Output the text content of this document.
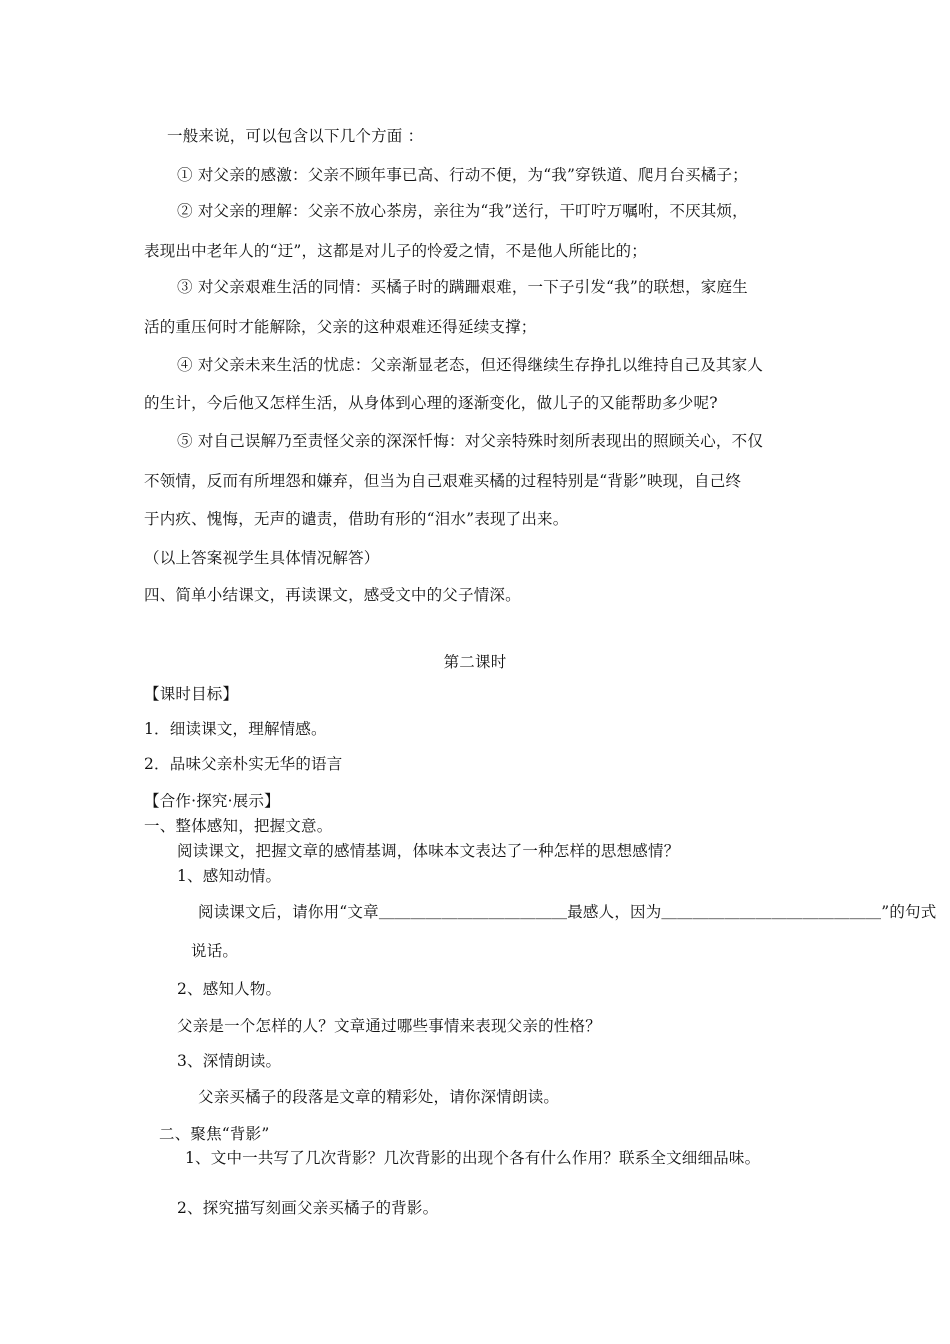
一般来说，可以包含以下几个方面 ：
① 对父亲的感激：父亲不顾年事已高、行动不便，为“我”穿铁道、爬月台买橘子；
② 对父亲的理解：父亲不放心茶房，亲往为“我”送行，干叮咛万嘱咐，不厌其烦，
表现出中老年人的“迂”，这都是对儿子的怜爱之情，不是他人所能比的；
③ 对父亲艰难生活的同情：买橘子时的蹒跚艰难，一下子引发“我”的联想，家庭生
活的重压何时才能解除，父亲的这种艰难还得延续支撑；
④ 对父亲未来生活的忧虑：父亲渐显老态，但还得继续生存挣扎以维持自己及其家人
的生计，今后他又怎样生活，从身体到心理的逐渐变化，做儿子的又能帮助多少呢?
⑤ 对自己误解乃至责怪父亲的深深忏悔：对父亲特殊时刻所表现出的照顾关心，不仅
不领情，反而有所埋怨和嫌弃，但当为自己艰难买橘的过程特别是“背影”映现，自己终
于内疚、愧悔，无声的谴责，借助有形的“泪水”表现了出来。
（以上答案视学生具体情况解答）
四、简单小结课文，再读课文，感受文中的父子情深。
第二课时
【课时目标】
1．细读课文，理解情感。
2．品味父亲朴实无华的语言
【合作·探究·展示】
一、整体感知，把握文意。
阅读课文，把握文章的感情基调，体味本文表达了一种怎样的思想感情？
1、感知动情。
阅读课文后，请你用“文章＿＿＿＿＿＿＿＿＿＿＿＿最感人，因为＿＿＿＿＿＿＿＿＿＿＿＿＿＿”的句式
说话。
2、感知人物。
父亲是一个怎样的人？文章通过哪些事情来表现父亲的性格？
3、深情朗读。
父亲买橘子的段落是文章的精彩处，请你深情朗读。
二、聚焦“背影”
1、文中一共写了几次背影？几次背影的出现个各有什么作用？联系全文细细品味。
2、探究描写刻画父亲买橘子的背影。
